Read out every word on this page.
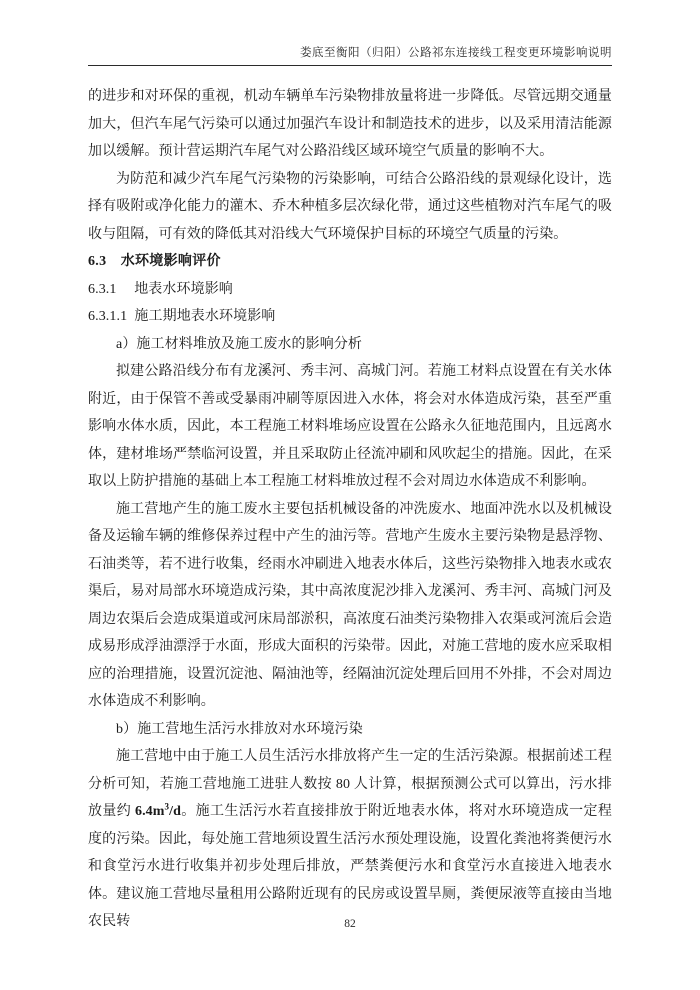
娄底至衡阳（归阳）公路祁东连接线工程变更环境影响说明

的进步和对环保的重视，机动车辆单车污染物排放量将进一步降低。尽管远期交通量加大，但汽车尾气污染可以通过加强汽车设计和制造技术的进步，以及采用清洁能源加以缓解。预计营运期汽车尾气对公路沿线区域环境空气质量的影响不大。

为防范和减少汽车尾气污染物的污染影响，可结合公路沿线的景观绿化设计，选择有吸附或净化能力的灌木、乔木种植多层次绿化带，通过这些植物对汽车尾气的吸收与阻隔，可有效的降低其对沿线大气环境保护目标的环境空气质量的污染。

6.3　水环境影响评价
6.3.1　 地表水环境影响
6.3.1.1  施工期地表水环境影响

a）施工材料堆放及施工废水的影响分析

拟建公路沿线分布有龙溪河、秀丰河、高城门河。若施工材料点设置在有关水体附近，由于保管不善或受暴雨冲刷等原因进入水体，将会对水体造成污染，甚至严重影响水体水质，因此，本工程施工材料堆场应设置在公路永久征地范围内，且远离水体，建材堆场严禁临河设置，并且采取防止径流冲刷和风吹起尘的措施。因此，在采取以上防护措施的基础上本工程施工材料堆放过程不会对周边水体造成不利影响。

施工营地产生的施工废水主要包括机械设备的冲洗废水、地面冲洗水以及机械设备及运输车辆的维修保养过程中产生的油污等。营地产生废水主要污染物是悬浮物、石油类等，若不进行收集，经雨水冲刷进入地表水体后，这些污染物排入地表水或农渠后，易对局部水环境造成污染，其中高浓度泥沙排入龙溪河、秀丰河、高城门河及周边农渠后会造成渠道或河床局部淤积，高浓度石油类污染物排入农渠或河流后会造成易形成浮油漂浮于水面，形成大面积的污染带。因此，对施工营地的废水应采取相应的治理措施，设置沉淀池、隔油池等，经隔油沉淀处理后回用不外排，不会对周边水体造成不利影响。

b）施工营地生活污水排放对水环境污染

施工营地中由于施工人员生活污水排放将产生一定的生活污染源。根据前述工程分析可知，若施工营地施工进驻人数按 80 人计算，根据预测公式可以算出，污水排放量约 $6.4m^3/d$。施工生活污水若直接排放于附近地表水体，将对水环境造成一定程度的污染。因此，每处施工营地须设置生活污水预处理设施，设置化粪池将粪便污水和食堂污水进行收集并初步处理后排放，严禁粪便污水和食堂污水直接进入地表水体。建议施工营地尽量租用公路附近现有的民房或设置旱厕，粪便尿液等直接由当地农民转	82
